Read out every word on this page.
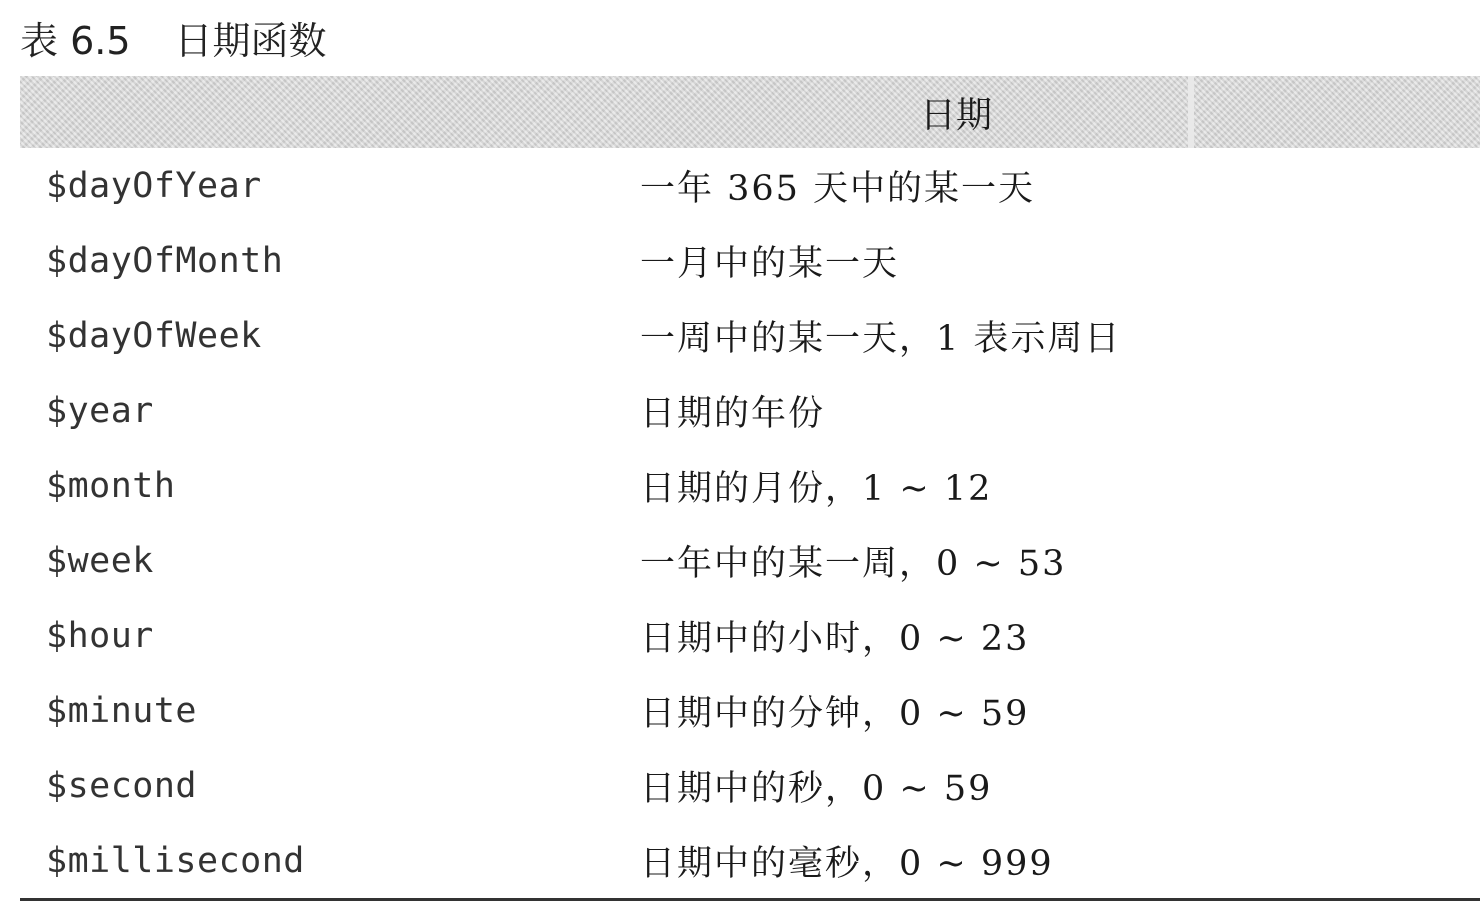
表 6.5 日期函数
日期
$dayOfYear	一年 365 天中的某一天
$dayOfMonth	一月中的某一天
$dayOfWeek	一周中的某一天，1 表示周日
$year	日期的年份
$month	日期的月份，1 ~ 12
$week	一年中的某一周，0 ~ 53
$hour	日期中的小时，0 ~ 23
$minute	日期中的分钟，0 ~ 59
$second	日期中的秒，0 ~ 59
$millisecond	日期中的毫秒，0 ~ 999
